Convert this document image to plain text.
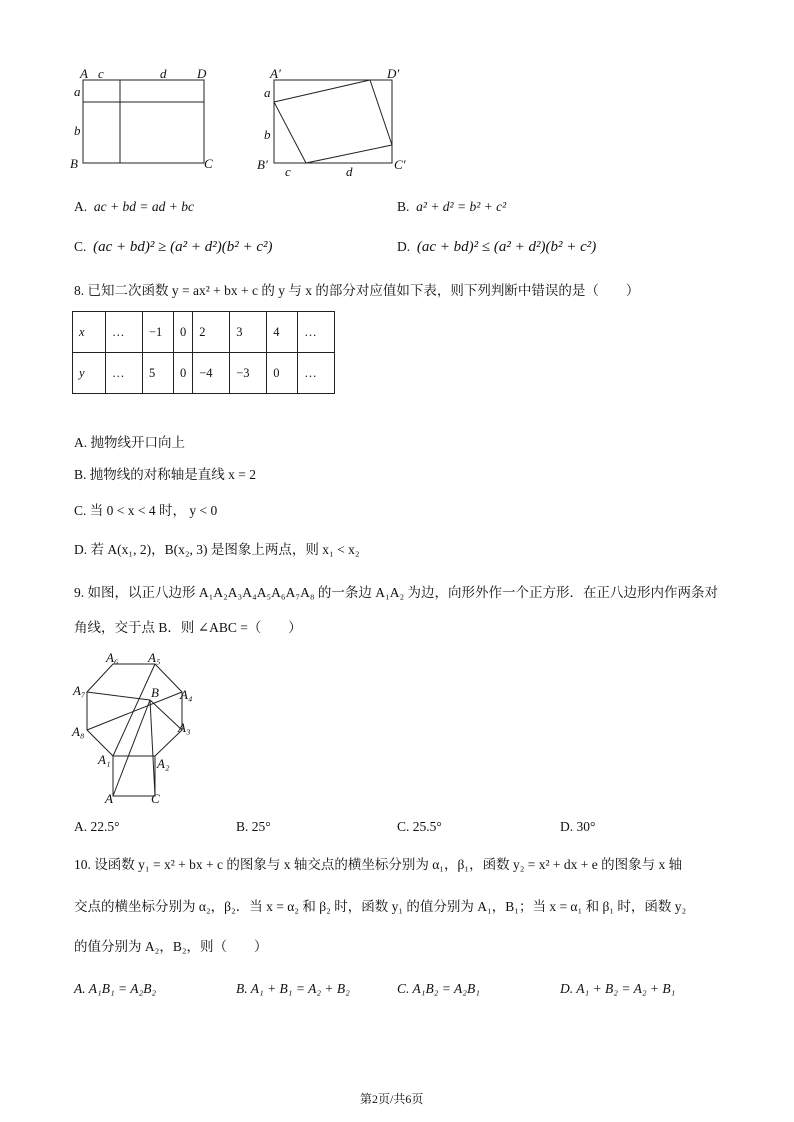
A c	d D
a
b
B	C
A′	D′
a
b
B′ c	d	C′
A. ac + bd = ad + bc	B. a² + d² = b² + c²
C. (ac + bd)² ≥ (a² + d²)(b² + c²)	D. (ac + bd)² ≤ (a² + d²)(b² + c²)
8. 已知二次函数 y = ax² + bx + c 的 y 与 x 的部分对应值如下表，则下列判断中错误的是（　　）
x	…	−1	0	2	3	4	…
y	…	5	0	−4	−3	0	…
A. 抛物线开口向上
B. 抛物线的对称轴是直线 x = 2
C. 当 0 < x < 4 时， y < 0
D. 若 A(x₁, 2)，B(x₂, 3) 是图象上两点，则 x₁ < x₂
9. 如图，以正八边形 A₁A₂A₃A₄A₅A₆A₇A₈ 的一条边 A₁A₂ 为边，向形外作一个正方形．在正八边形内作两条对
角线，交于点 B．则 ∠ABC =（　　）
A₆ A₅
A₇	B A₄
A₈	A₃
A₁	A₂
A	C
A. 22.5°	B. 25°	C. 25.5°	D. 30°
10. 设函数 y₁ = x² + bx + c 的图象与 x 轴交点的横坐标分别为 α₁，β₁，函数 y₂ = x² + dx + e 的图象与 x 轴
交点的横坐标分别为 α₂，β₂．当 x = α₂ 和 β₂ 时，函数 y₁ 的值分别为 A₁，B₁；当 x = α₁ 和 β₁ 时，函数 y₂
的值分别为 A₂，B₂，则（　　）
A. A₁B₁ = A₂B₂	B. A₁ + B₁ = A₂ + B₂	C. A₁B₂ = A₂B₁	D. A₁ + B₂ = A₂ + B₁
第2页/共6页
